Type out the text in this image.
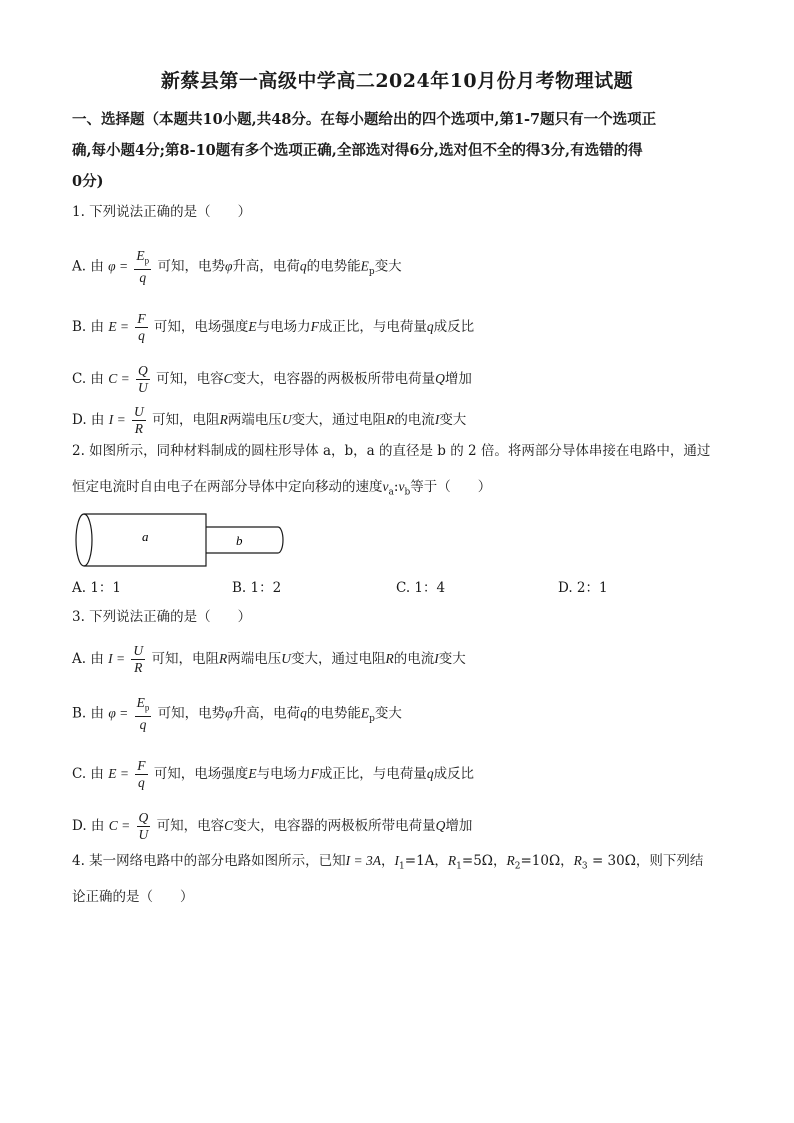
新蔡县第一高级中学高二2024年10月份月考物理试题
一、选择题（本题共10小题,共48分。在每小题给出的四个选项中,第1-7题只有一个选项正
确,每小题4分;第8-10题有多个选项正确,全部选对得6分,选对但不全的得3分,有选错的得
0分)
1. 下列说法正确的是（　　）
A. 由 $\varphi = \frac{E_p}{q}$ 可知，电势φ升高，电荷q的电势能$E_p$变大
B. 由 $E = \frac{F}{q}$ 可知，电场强度E与电场力F成正比，与电荷量q成反比
C. 由 $C = \frac{Q}{U}$ 可知，电容C变大，电容器的两极板所带电荷量Q增加
D. 由 $I = \frac{U}{R}$ 可知，电阻R两端电压U变大，通过电阻R的电流I变大
2. 如图所示，同种材料制成的圆柱形导体 a，b，a 的直径是 b 的 2 倍。将两部分导体串接在电路中，通过
恒定电流时自由电子在两部分导体中定向移动的速度$v_a:v_b$等于（　　）
a	b
A. 1：1	B. 1：2	C. 1：4	D. 2：1
3. 下列说法正确的是（　　）
A. 由 $I = \frac{U}{R}$ 可知，电阻R两端电压U变大，通过电阻R的电流I变大
B. 由 $\varphi = \frac{E_p}{q}$ 可知，电势φ升高，电荷q的电势能$E_p$变大
C. 由 $E = \frac{F}{q}$ 可知，电场强度E与电场力F成正比，与电荷量q成反比
D. 由 $C = \frac{Q}{U}$ 可知，电容C变大，电容器的两极板所带电荷量Q增加
4. 某一网络电路中的部分电路如图所示，已知I = 3A，$I_1=1A$，$R_1=5\Omega$，$R_2=10\Omega$，$R_3 = 30\Omega$，则下列结
论正确的是（　　）
